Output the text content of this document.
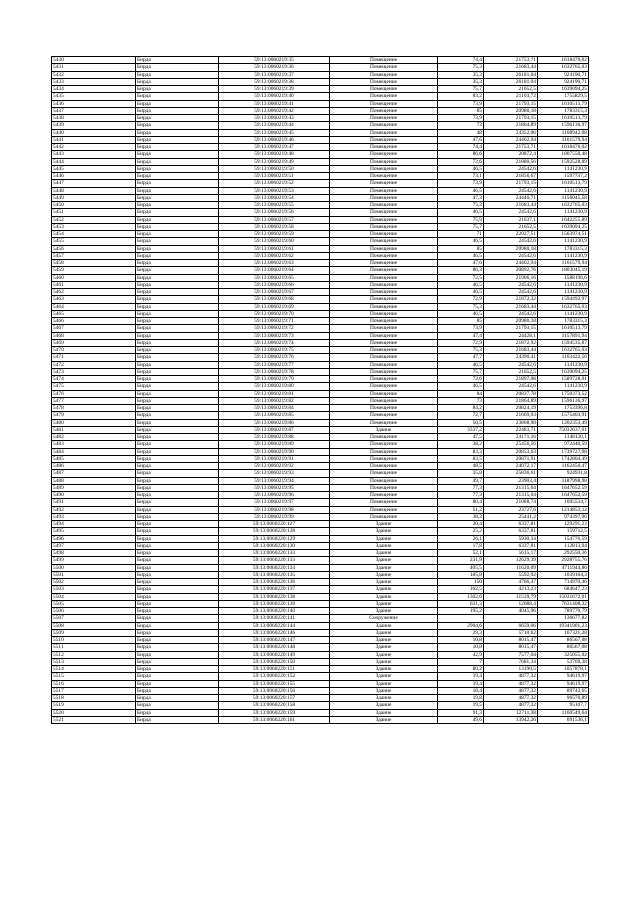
5430	Бирда	59:13:0060219:35	Помещение	74,4	21753,71	1618476,02
5431	Бирда	59:13:0060219:36	Помещение	75,3	21683,44	1632765,03
5432	Бирда	59:13:0060219:37	Помещение	35,3	26181,04	924190,71
5433	Бирда	59:13:0060219:38	Помещение	35,3	26181,04	924190,71
5434	Бирда	59:13:0060219:39	Помещение	75,7	21652,5	1639094,25
5435	Бирда	59:13:0060219:40	Помещение	83,2	21103,72	1755829,5
5436	Бирда	59:13:0060219:41	Помещение	73,9	21793,15	1610513,79
5437	Бирда	59:13:0060219:42	Помещение	85	20980,18	1783315,3
5438	Бирда	59:13:0060219:43	Помещение	73,9	21793,15	1610513,79
5439	Бирда	59:13:0060219:44	Помещение	73	21864,89	1596136,97
5440	Бирда	59:13:0060219:45	Помещение	48	24352,06	1168942,08
5441	Бирда	59:13:0060219:46	Помещение	47,6	24402,94	1161579,94
5442	Бирда	59:13:0060219:47	Помещение	74,4	21753,71	1618476,02
5443	Бирда	59:13:0060219:48	Помещение	86,6	20872,4	1807550,48
5444	Бирда	59:13:0060219:49	Помещение	72,6	21880,56	1592528,89
5445	Бирда	59:13:0060219:50	Помещение	46,5	24542,6	1141230,9
5446	Бирда	59:13:0060219:51	Помещение	73,1	21856,67	1597737,2
5447	Бирда	59:13:0060219:52	Помещение	73,9	21793,15	1610513,79
5448	Бирда	59:13:0060219:53	Помещение	46,5	24542,6	1141230,9
5449	Бирда	59:13:0060219:54	Помещение	47,3	24440,71	1156045,58
5450	Бирда	59:13:0060219:55	Помещение	75,3	21683,44	1632765,03
5451	Бирда	59:13:0060219:56	Помещение	46,5	24542,6	1141230,9
5452	Бирда	59:13:0060219:57	Помещение	75,9	21637,1	1642255,89
5453	Бирда	59:13:0060219:58	Помещение	75,7	21652,5	1639094,25
5454	Бирда	59:13:0060219:59	Помещение	71	22027,51	1563974,51
5455	Бирда	59:13:0060219:60	Помещение	46,5	24542,6	1141230,9
5456	Бирда	59:13:0060219:61	Помещение	85	20980,18	1783315,3
5457	Бирда	59:13:0060219:62	Помещение	46,5	24542,6	1141230,9
5458	Бирда	59:13:0060219:63	Помещение	47,6	24402,94	1161579,94
5459	Бирда	59:13:0060219:64	Помещение	86,3	20892,76	1803045,19
5460	Бирда	59:13:0060219:65	Помещение	72,5	21906,16	1588196,6
5461	Бирда	59:13:0060219:66	Помещение	46,5	24542,6	1141230,9
5462	Бирда	59:13:0060219:67	Помещение	46,5	24542,6	1141230,9
5463	Бирда	59:13:0060219:68	Помещение	72,9	21872,32	1594492,97
5464	Бирда	59:13:0060219:69	Помещение	75,3	21683,44	1632765,03
5465	Бирда	59:13:0060219:70	Помещение	46,5	24542,6	1141230,9
5466	Бирда	59:13:0060219:71	Помещение	85	20980,18	1783315,3
5467	Бирда	59:13:0060219:72	Помещение	73,9	21793,15	1610513,79
5468	Бирда	59:13:0060219:73	Помещение	47,4	24428,1	1157891,94
5469	Бирда	59:13:0060219:74	Помещение	72,9	21872,92	1594535,87
5470	Бирда	59:13:0060219:75	Помещение	75,3	21683,44	1632765,03
5471	Бирда	59:13:0060219:76	Помещение	47,7	24390,41	1163422,56
5472	Бирда	59:13:0060219:77	Помещение	46,5	24542,6	1141230,9
5473	Бирда	59:13:0060219:78	Помещение	75,7	21652,5	1639094,25
5474	Бирда	59:13:0060219:79	Помещение	72,6	21897,08	1589728,01
5475	Бирда	59:13:0060219:80	Помещение	46,5	24542,6	1141230,9
5476	Бирда	59:13:0060219:81	Помещение	84	20837,78	1750373,52
5477	Бирда	59:13:0060219:82	Помещение	73	21864,89	1596136,97
5478	Бирда	59:13:0060219:84	Помещение	84,2	20824,19	1753396,8
5479	Бирда	59:13:0060219:85	Помещение	72,7	21669,93	1575403,91
5480	Бирда	59:13:0060219:86	Помещение	50,5	23808,98	1202353,49
5481	Бирда	59:13:0060219:87	Здание	3337,2	22483,71	75032637,01
5482	Бирда	59:13:0060219:88	Помещение	47,5	24171,16	1148130,1
5483	Бирда	59:13:0060219:89	Помещение	38,2	25456,56	972440,59
5484	Бирда	59:13:0060219:90	Помещение	83,3	20853,63	1739727,98
5485	Бирда	59:13:0060219:91	Помещение	83,5	20871,91	1742804,49
5486	Бирда	59:13:0060219:92	Помещение	48,5	24072,17	1162450,47
5487	Бирда	59:13:0060219:93	Помещение	35,8	25836,61	924931,8
5488	Бирда	59:13:0060219:94	Помещение	49,7	23903,4	1187998,98
5489	Бирда	59:13:0060219:95	Помещение	77,3	21315,04	1647652,59
5490	Бирда	59:13:0060219:96	Помещение	77,3	21315,04	1647652,59
5491	Бирда	59:13:0060219:97	Помещение	80,4	21088,74	1695534,7
5492	Бирда	59:13:0060219:98	Помещение	51,2	23727,6	1214853,12
5493	Бирда	59:13:0060219:99	Помещение	38,3	25441,2	974397,96
5494	Бирда	59:13:0060220:127	Здание	20,4	6337,81	129291,23
5495	Бирда	59:13:0060220:128	Здание	25,2	6337,81	159712,5
5496	Бирда	59:13:0060220:129	Здание	26,1	5930,34	154776,59
5497	Бирда	59:13:0060220:130	Здание	17,8	6337,81	112813,04
5498	Бирда	59:13:0060220:133	Здание	52,1	5615,17	292550,36
5499	Бирда	59:13:0060220:133	Здание	231,9	12629,39	2928755,76
5500	Бирда	59:13:0060220:134	Здание	405,5	11620,09	4711944,86
5501	Бирда	59:13:0060220:135	Здание	185,8	5592,92	1039164,3
5502	Бирда	59:13:0060220:136	Здание	150	4766,47	714970,46
5503	Бирда	59:13:0060220:137	Здание	162,5	4213,23	684647,23
5504	Бирда	59:13:0060220:138	Здание	1302,6	11539,79	15031672,01
5505	Бирда	59:13:0060220:139	Здание	631,3	12088,4	7631408,32
5506	Бирда	59:13:0060220:140	Здание	195,2	4045,96	789770,79
5507	Бирда	59:13:0060220:141	Сооружение			136677,82
5508	Бирда	59:13:0060220:144	Здание	2904,6	6659,06	19341901,23
5509	Бирда	59:13:0060220:146	Здание	29,3	5710,62	167321,28
5510	Бирда	59:13:0060220:147	Здание	10,8	8015,47	86567,08
5511	Бирда	59:13:0060220:148	Здание	10,8	8015,47	86567,08
5512	Бирда	59:13:0060220:149	Здание	42,9	7577,04	325055,02
5513	Бирда	59:13:0060220:150	Здание	7	7681,34	53769,38
5514	Бирда	59:13:0060220:151	Здание	80,2	13190,5	1057878,1
5515	Бирда	59:13:0060220:152	Здание	19,4	4877,32	94619,97
5516	Бирда	59:13:0060220:155	Здание	19,4	4877,32	94619,97
5517	Бирда	59:13:0060220:156	Здание	18,4	4877,32	89742,65
5518	Бирда	59:13:0060220:157	Здание	19,8	4877,32	96570,89
5519	Бирда	59:13:0060220:158	Здание	19,5	4877,32	95107,7
5520	Бирда	59:13:0060220:159	Здание	91,3	12711,38	1160549,64
5521	Бирда	59:13:0060220:161	Здание	49,6	13942,26	691536,1
